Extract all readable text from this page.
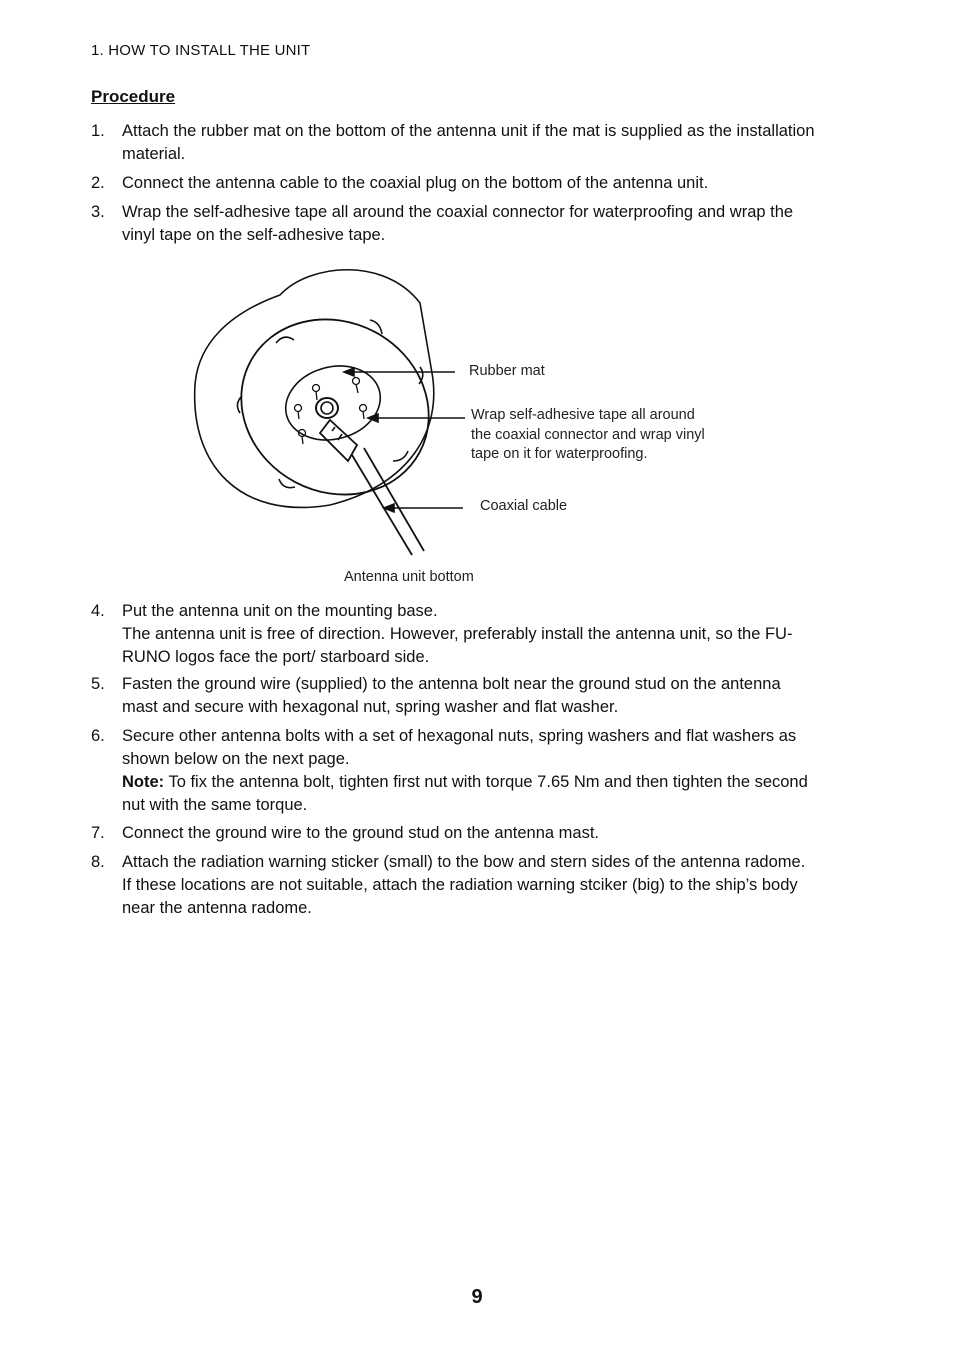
1. HOW TO INSTALL THE UNIT
Procedure
1. Attach the rubber mat on the bottom of the antenna unit if the mat is supplied as the installation
material.
2. Connect the antenna cable to the coaxial plug on the bottom of the antenna unit.
3. Wrap the self-adhesive tape all around the coaxial connector for waterproofing and wrap the
vinyl tape on the self-adhesive tape.
Rubber mat
Wrap self-adhesive tape all around
the coaxial connector and wrap vinyl
tape on it for waterproofing.
Coaxial cable
Antenna unit bottom
4. Put the antenna unit on the mounting base.
The antenna unit is free of direction. However, preferably install the antenna unit, so the FU-
RUNO logos face the port/ starboard side.
5. Fasten the ground wire (supplied) to the antenna bolt near the ground stud on the antenna
mast and secure with hexagonal nut, spring washer and flat washer.
6. Secure other antenna bolts with a set of hexagonal nuts, spring washers and flat washers as
shown below on the next page.
Note: To fix the antenna bolt, tighten first nut with torque 7.65 Nm and then tighten the second
nut with the same torque.
7. Connect the ground wire to the ground stud on the antenna mast.
8. Attach the radiation warning sticker (small) to the bow and stern sides of the antenna radome.
If these locations are not suitable, attach the radiation warning stciker (big) to the ship’s body
near the antenna radome.
9
